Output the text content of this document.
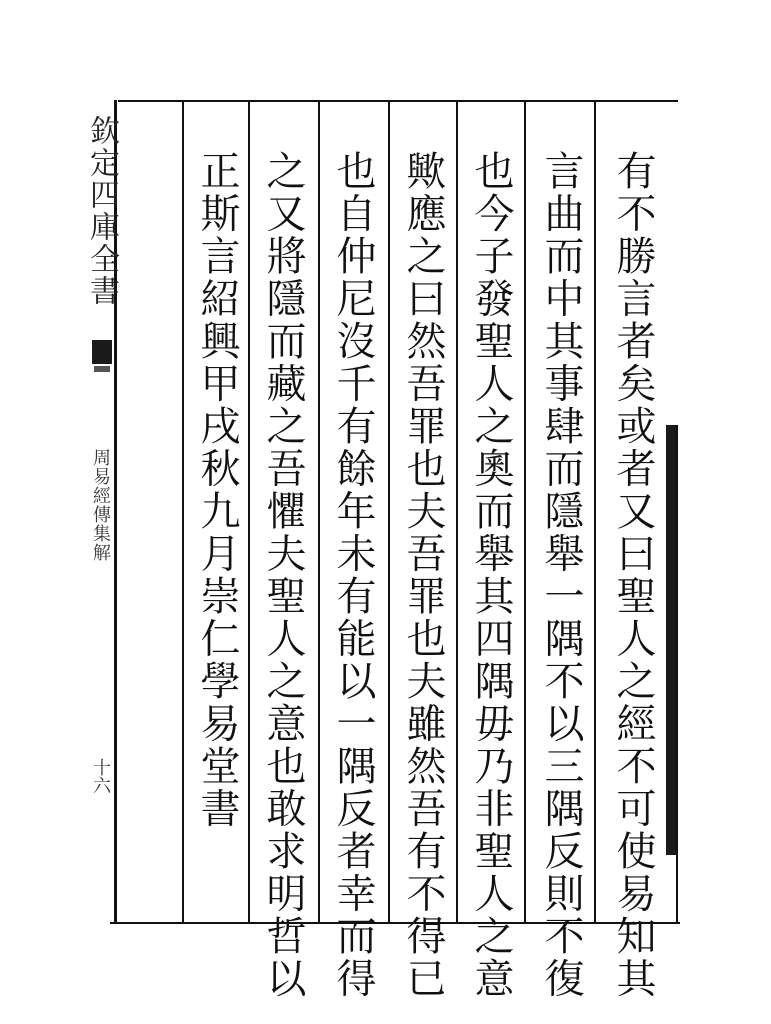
欽定四庫全書
周易經傳集解
十六	有不勝言者矣或者又曰聖人之經不可使易知其
言曲而中其事肆而隱舉一隅不以三隅反則不復
也今子發聖人之奧而舉其四隅毋乃非聖人之意
歟應之曰然吾罪也夫吾罪也夫雖然吾有不得已
也自仲尼沒千有餘年未有能以一隅反者幸而得
之又將隱而藏之吾懼夫聖人之意也敢求明哲以
正斯言紹興甲戌秋九月崇仁學易堂書
